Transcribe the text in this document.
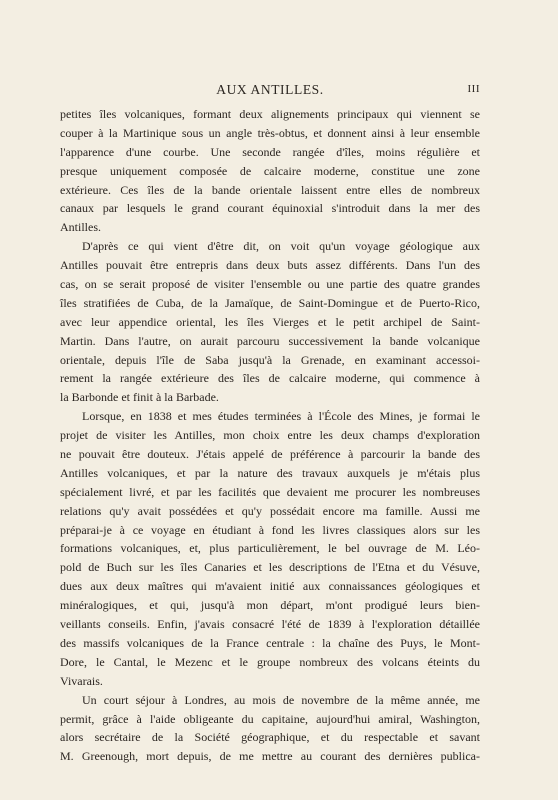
AUX ANTILLES.	III
petites îles volcaniques, formant deux alignements principaux qui viennent se
couper à la Martinique sous un angle très-obtus, et donnent ainsi à leur ensemble
l'apparence d'une courbe. Une seconde rangée d'îles, moins régulière et
presque uniquement composée de calcaire moderne, constitue une zone
extérieure. Ces îles de la bande orientale laissent entre elles de nombreux
canaux par lesquels le grand courant équinoxial s'introduit dans la mer des
Antilles.
D'après ce qui vient d'être dit, on voit qu'un voyage géologique aux
Antilles pouvait être entrepris dans deux buts assez différents. Dans l'un des
cas, on se serait proposé de visiter l'ensemble ou une partie des quatre grandes
îles stratifiées de Cuba, de la Jamaïque, de Saint-Domingue et de Puerto-Rico,
avec leur appendice oriental, les îles Vierges et le petit archipel de Saint-
Martin. Dans l'autre, on aurait parcouru successivement la bande volcanique
orientale, depuis l'île de Saba jusqu'à la Grenade, en examinant accessoi-
rement la rangée extérieure des îles de calcaire moderne, qui commence à
la Barbonde et finit à la Barbade.
Lorsque, en 1838 et mes études terminées à l'École des Mines, je formai le
projet de visiter les Antilles, mon choix entre les deux champs d'exploration
ne pouvait être douteux. J'étais appelé de préférence à parcourir la bande des
Antilles volcaniques, et par la nature des travaux auxquels je m'étais plus
spécialement livré, et par les facilités que devaient me procurer les nombreuses
relations qu'y avait possédées et qu'y possédait encore ma famille. Aussi me
préparai-je à ce voyage en étudiant à fond les livres classiques alors sur les
formations volcaniques, et, plus particulièrement, le bel ouvrage de M. Léo-
pold de Buch sur les îles Canaries et les descriptions de l'Etna et du Vésuve,
dues aux deux maîtres qui m'avaient initié aux connaissances géologiques et
minéralogiques, et qui, jusqu'à mon départ, m'ont prodigué leurs bien-
veillants conseils. Enfin, j'avais consacré l'été de 1839 à l'exploration détaillée
des massifs volcaniques de la France centrale : la chaîne des Puys, le Mont-
Dore, le Cantal, le Mezenc et le groupe nombreux des volcans éteints du
Vivarais.
Un court séjour à Londres, au mois de novembre de la même année, me
permit, grâce à l'aide obligeante du capitaine, aujourd'hui amiral, Washington,
alors secrétaire de la Société géographique, et du respectable et savant
M. Greenough, mort depuis, de me mettre au courant des dernières publica-
